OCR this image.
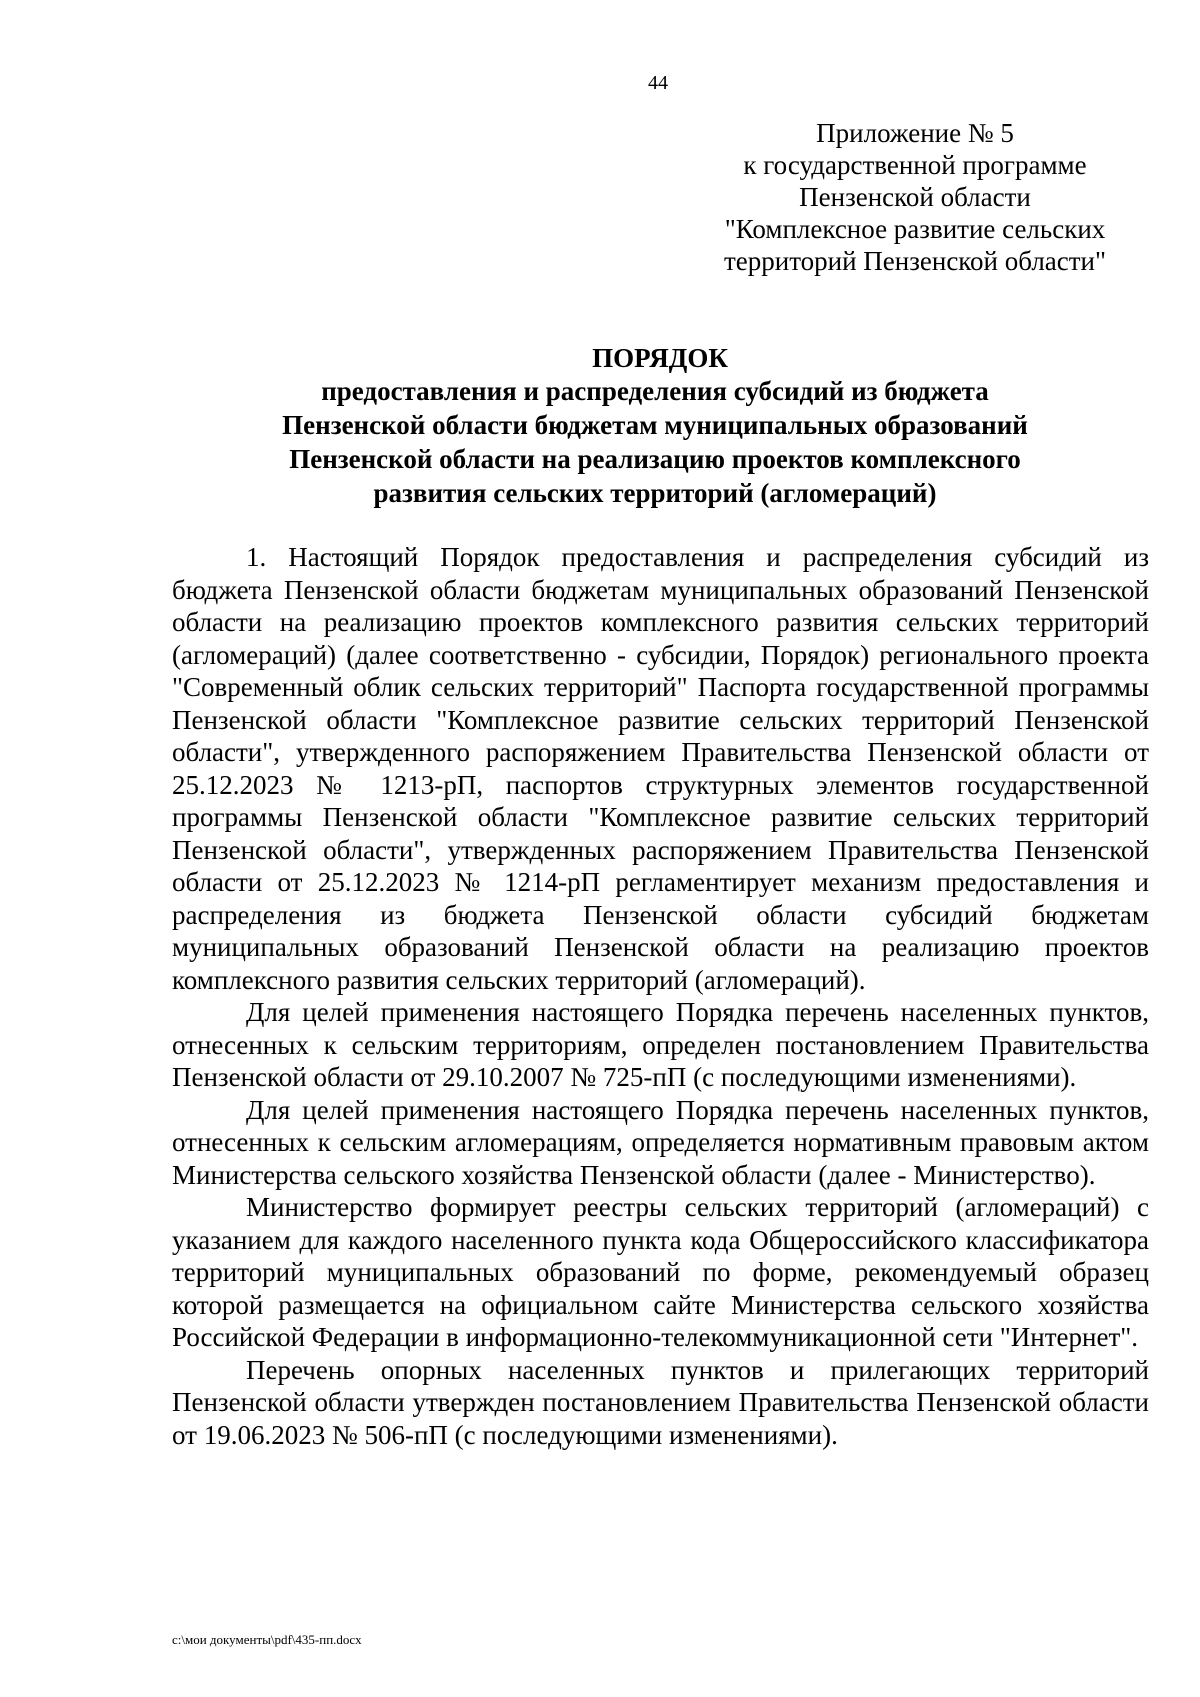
44
Приложение № 5
к государственной программе
Пензенской области
"Комплексное развитие сельских
территорий Пензенской области"
ПОРЯДОК
предоставления и распределения субсидий из бюджета
Пензенской области бюджетам муниципальных образований
Пензенской области на реализацию проектов комплексного
развития сельских территорий (агломераций)

1. Настоящий Порядок предоставления и распределения субсидий из бюджета Пензенской области бюджетам муниципальных образований Пензенской области на реализацию проектов комплексного развития сельских территорий (агломераций) (далее соответственно - субсидии, Порядок) регионального проекта "Современный облик сельских территорий" Паспорта государственной программы Пензенской области "Комплексное развитие сельских территорий Пензенской области", утвержденного распоряжением Правительства Пензенской области от 25.12.2023 № 1213-рП, паспортов структурных элементов государственной программы Пензенской области "Комплексное развитие сельских территорий Пензенской области", утвержденных распоряжением Правительства Пензенской области от 25.12.2023 № 1214-рП регламентирует механизм предоставления и распределения из бюджета Пензенской области субсидий бюджетам муниципальных образований Пензенской области на реализацию проектов комплексного развития сельских территорий (агломераций).

Для целей применения настоящего Порядка перечень населенных пунктов, отнесенных к сельским территориям, определен постановлением Правительства Пензенской области от 29.10.2007 № 725-пП (с последующими изменениями).

Для целей применения настоящего Порядка перечень населенных пунктов, отнесенных к сельским агломерациям, определяется нормативным правовым актом Министерства сельского хозяйства Пензенской области (далее - Министерство).

Министерство формирует реестры сельских территорий (агломераций) с указанием для каждого населенного пункта кода Общероссийского классификатора территорий муниципальных образований по форме, рекомендуемый образец которой размещается на официальном сайте Министерства сельского хозяйства Российской Федерации в информационно-телекоммуникационной сети "Интернет".

Перечень опорных населенных пунктов и прилегающих территорий Пензенской области утвержден постановлением Правительства Пензенской области от 19.06.2023 № 506-пП (с последующими изменениями).

c:\мои документы\pdf\435-пп.docx
